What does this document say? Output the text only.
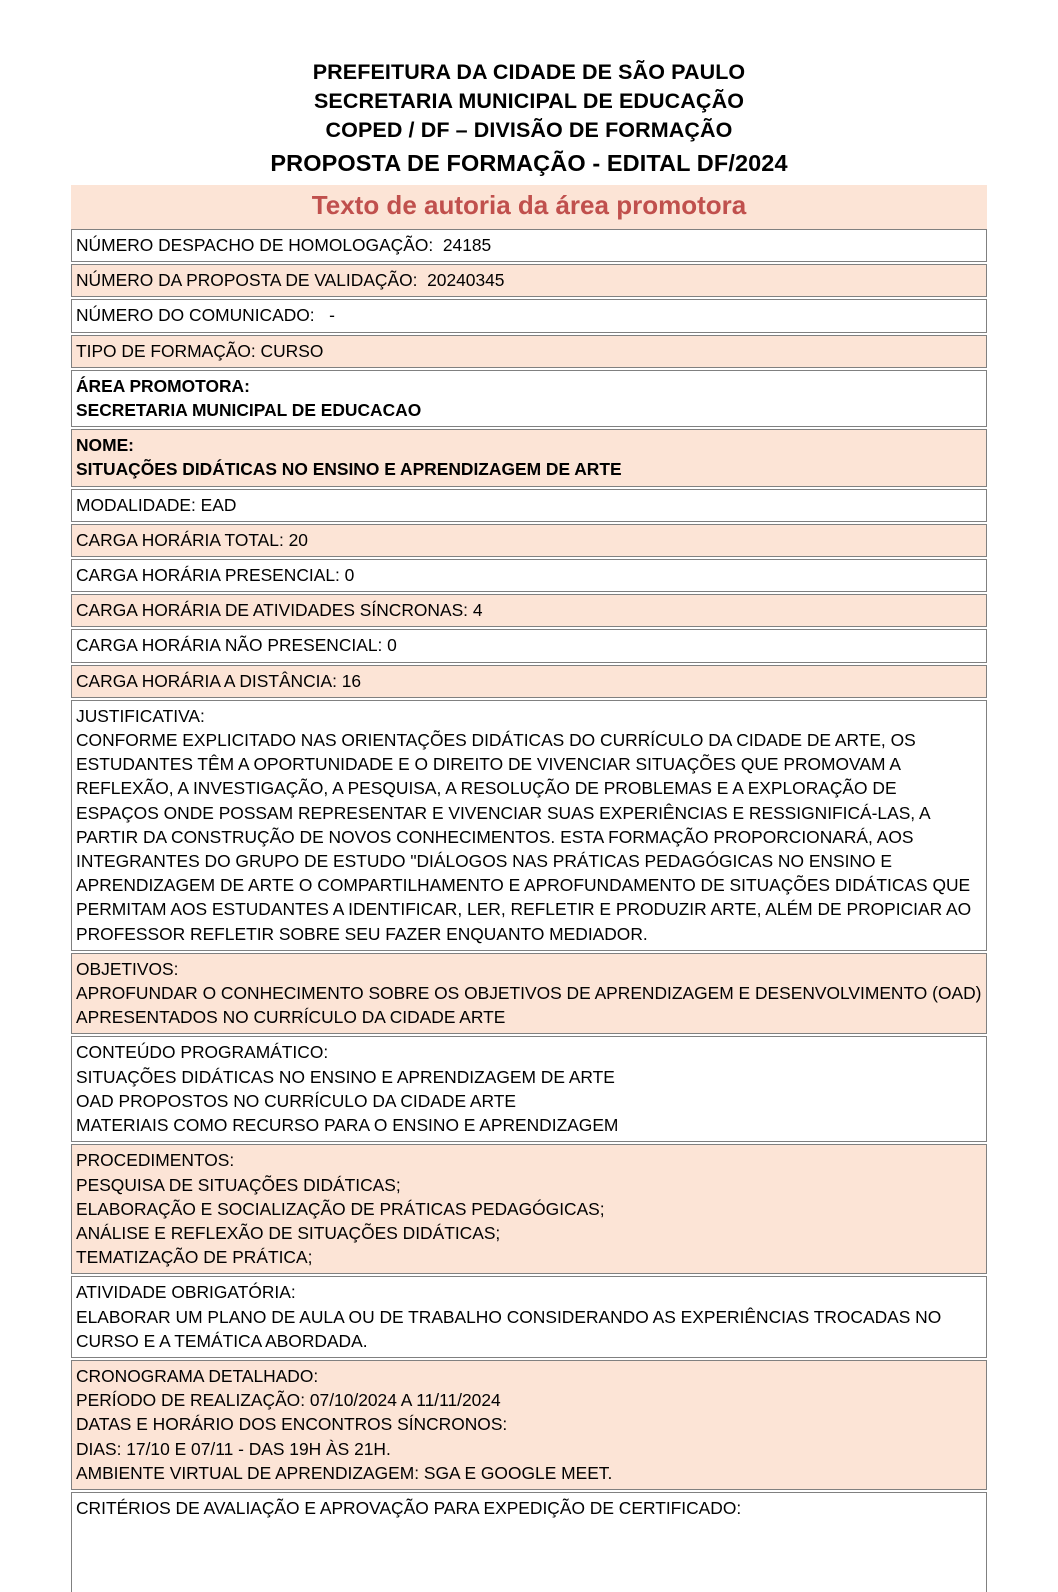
PREFEITURA DA CIDADE DE SÃO PAULO
SECRETARIA MUNICIPAL DE EDUCAÇÃO
COPED / DF – DIVISÃO DE FORMAÇÃO
PROPOSTA DE FORMAÇÃO - EDITAL DF/2024
Texto de autoria da área promotora
NÚMERO DESPACHO DE HOMOLOGAÇÃO:  24185

NÚMERO DA PROPOSTA DE VALIDAÇÃO:  20240345

NÚMERO DO COMUNICADO:   -

TIPO DE FORMAÇÃO: CURSO

ÁREA PROMOTORA:
SECRETARIA MUNICIPAL DE EDUCACAO

NOME:
SITUAÇÕES DIDÁTICAS NO ENSINO E APRENDIZAGEM DE ARTE

MODALIDADE: EAD

CARGA HORÁRIA TOTAL: 20

CARGA HORÁRIA PRESENCIAL: 0

CARGA HORÁRIA DE ATIVIDADES SÍNCRONAS: 4

CARGA HORÁRIA NÃO PRESENCIAL: 0

CARGA HORÁRIA A DISTÂNCIA: 16

JUSTIFICATIVA:
CONFORME EXPLICITADO NAS ORIENTAÇÕES DIDÁTICAS DO CURRÍCULO DA CIDADE DE ARTE, OS ESTUDANTES TÊM A OPORTUNIDADE E O DIREITO DE VIVENCIAR SITUAÇÕES QUE PROMOVAM A REFLEXÃO, A INVESTIGAÇÃO, A PESQUISA, A RESOLUÇÃO DE PROBLEMAS E A EXPLORAÇÃO DE ESPAÇOS ONDE POSSAM REPRESENTAR E VIVENCIAR SUAS EXPERIÊNCIAS E RESSIGNIFICÁ-LAS, A PARTIR DA CONSTRUÇÃO DE NOVOS CONHECIMENTOS. ESTA FORMAÇÃO PROPORCIONARÁ, AOS INTEGRANTES DO GRUPO DE ESTUDO "DIÁLOGOS NAS PRÁTICAS PEDAGÓGICAS NO ENSINO E APRENDIZAGEM DE ARTE O COMPARTILHAMENTO E APROFUNDAMENTO DE SITUAÇÕES DIDÁTICAS QUE PERMITAM AOS ESTUDANTES A IDENTIFICAR, LER, REFLETIR E PRODUZIR ARTE, ALÉM DE PROPICIAR AO PROFESSOR REFLETIR SOBRE SEU FAZER ENQUANTO MEDIADOR.

OBJETIVOS:
APROFUNDAR O CONHECIMENTO SOBRE OS OBJETIVOS DE APRENDIZAGEM E DESENVOLVIMENTO (OAD) APRESENTADOS NO CURRÍCULO DA CIDADE ARTE

CONTEÚDO PROGRAMÁTICO:
SITUAÇÕES DIDÁTICAS NO ENSINO E APRENDIZAGEM DE ARTE
OAD PROPOSTOS NO CURRÍCULO DA CIDADE ARTE
MATERIAIS COMO RECURSO PARA O ENSINO E APRENDIZAGEM

PROCEDIMENTOS:
PESQUISA DE SITUAÇÕES DIDÁTICAS;
ELABORAÇÃO E SOCIALIZAÇÃO DE PRÁTICAS PEDAGÓGICAS;
ANÁLISE E REFLEXÃO DE SITUAÇÕES DIDÁTICAS;
TEMATIZAÇÃO DE PRÁTICA;

ATIVIDADE OBRIGATÓRIA:
ELABORAR UM PLANO DE AULA OU DE TRABALHO CONSIDERANDO AS EXPERIÊNCIAS TROCADAS NO CURSO E A TEMÁTICA ABORDADA.

CRONOGRAMA DETALHADO:
PERÍODO DE REALIZAÇÃO: 07/10/2024 A 11/11/2024
DATAS E HORÁRIO DOS ENCONTROS SÍNCRONOS:
DIAS: 17/10 E 07/11 - DAS 19H ÀS 21H.
AMBIENTE VIRTUAL DE APRENDIZAGEM: SGA E GOOGLE MEET.

CRITÉRIOS DE AVALIAÇÃO E APROVAÇÃO PARA EXPEDIÇÃO DE CERTIFICADO:
